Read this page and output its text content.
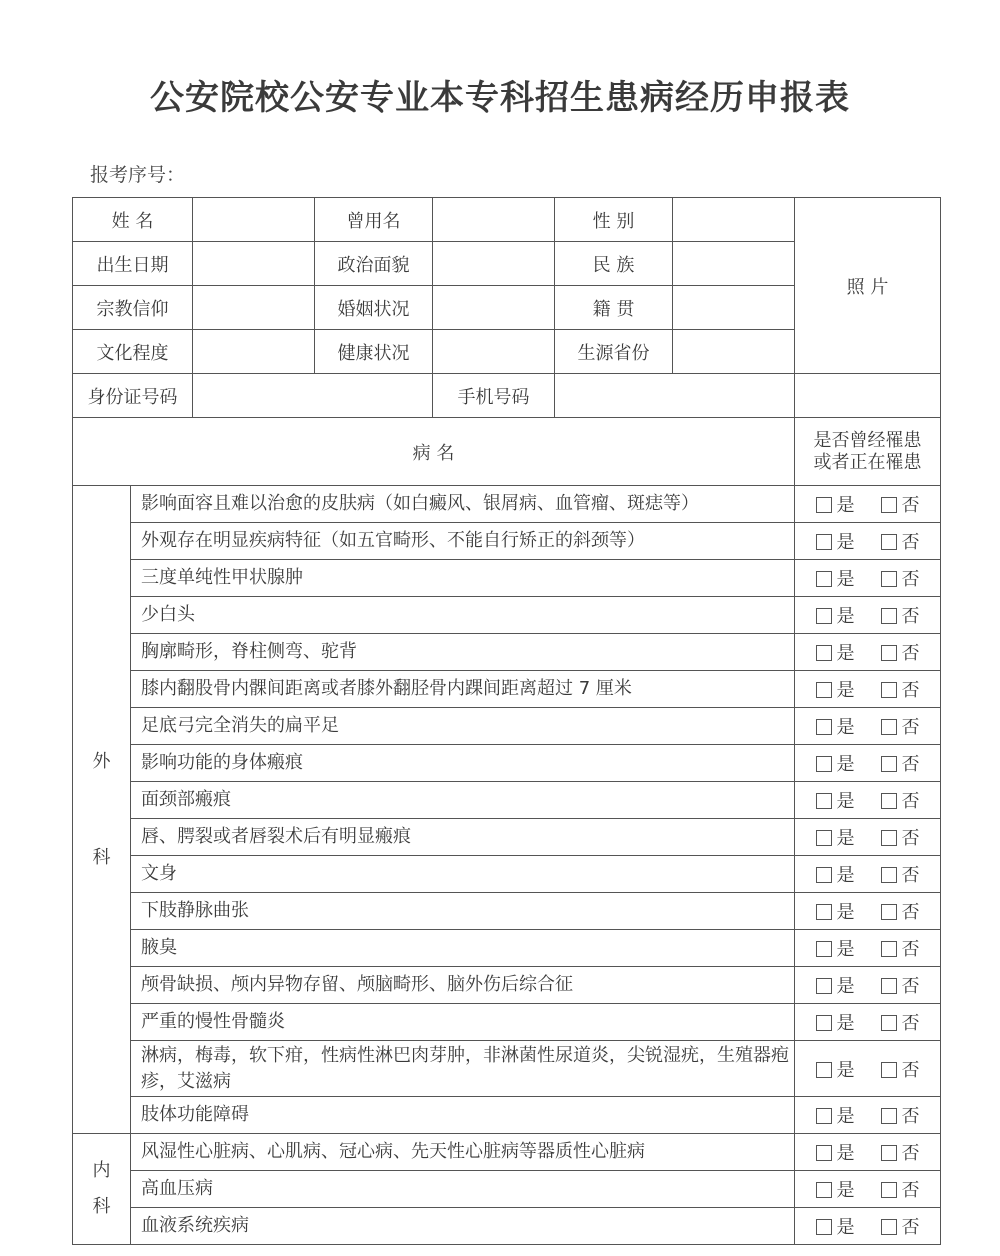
公安院校公安专业本专科招生患病经历申报表
报考序号：
姓 名			曾用名		性 别		照 片
出生日期			政治面貌		民 族		
宗教信仰			婚姻状况		籍 贯		
文化程度			健康状况		生源省份		
身份证号码				手机号码			
病 名							是否曾经罹患
或者正在罹患

外
科	影响面容且难以治愈的皮肤病（如白癜风、银屑病、血管瘤、斑痣等）						是 否
	外观存在明显疾病特征（如五官畸形、不能自行矫正的斜颈等）						是 否
	三度单纯性甲状腺肿						是 否
	少白头						是 否
	胸廓畸形，脊柱侧弯、驼背						是 否
	膝内翻股骨内髁间距离或者膝外翻胫骨内踝间距离超过 7 厘米						是 否
	足底弓完全消失的扁平足						是 否
	影响功能的身体瘢痕						是 否
	面颈部瘢痕						是 否
	唇、腭裂或者唇裂术后有明显瘢痕						是 否
	文身						是 否
	下肢静脉曲张						是 否
	腋臭						是 否
	颅骨缺损、颅内异物存留、颅脑畸形、脑外伤后综合征						是 否
	严重的慢性骨髓炎						是 否
	淋病，梅毒，软下疳，性病性淋巴肉芽肿，非淋菌性尿道炎，尖锐湿疣，生殖器疱疹，艾滋病						是 否
	肢体功能障碍						是 否

内
科	风湿性心脏病、心肌病、冠心病、先天性心脏病等器质性心脏病						是 否
	高血压病						是 否
	血液系统疾病						是 否
